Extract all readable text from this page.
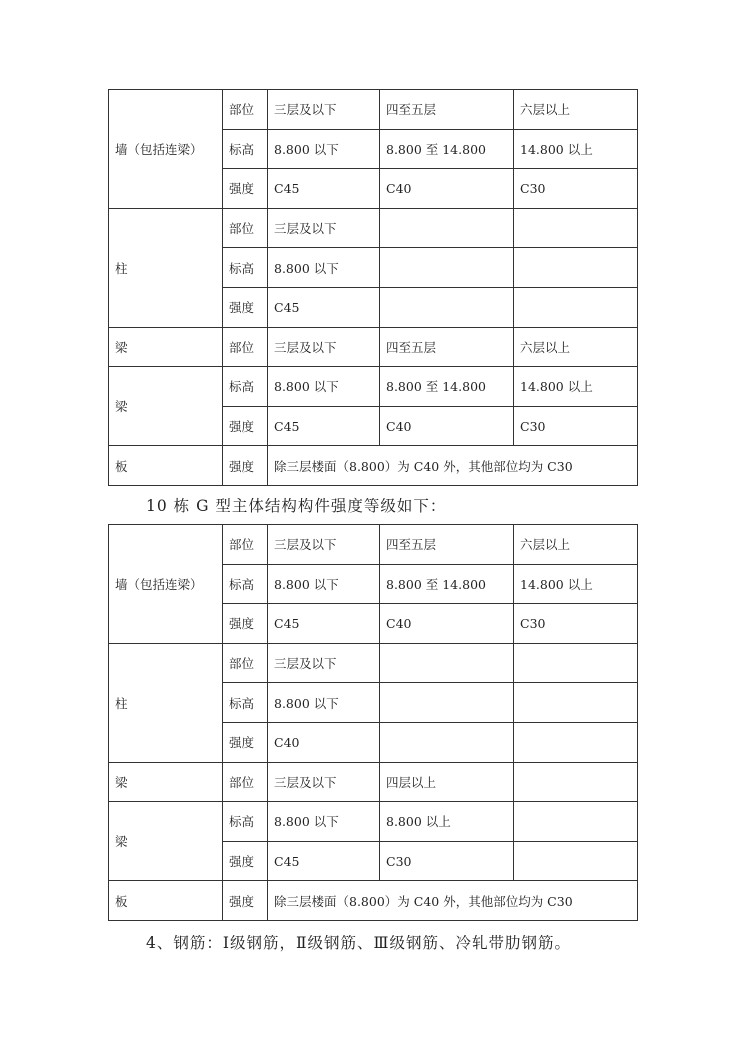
墙（包括连梁）	部位	三层及以下	四至五层	六层以上
	标高	8.800 以下	8.800 至 14.800	14.800 以上
	强度	C45	C40	C30
柱	部位	三层及以下		
	标高	8.800 以下		
	强度	C45		
梁	部位	三层及以下	四至五层	六层以上
梁	标高	8.800 以下	8.800 至 14.800	14.800 以上
	强度	C45	C40	C30
板	强度	除三层楼面（8.800）为 C40 外，其他部位均为 C30		
10 栋 G 型主体结构构件强度等级如下：
墙（包括连梁）	部位	三层及以下	四至五层	六层以上
	标高	8.800 以下	8.800 至 14.800	14.800 以上
	强度	C45	C40	C30
柱	部位	三层及以下		
	标高	8.800 以下		
	强度	C40		
梁	部位	三层及以下	四层以上	
梁	标高	8.800 以下	8.800 以上	
	强度	C45	C30	
板	强度	除三层楼面（8.800）为 C40 外，其他部位均为 C30		
4、钢筋：Ⅰ级钢筋，Ⅱ级钢筋、Ⅲ级钢筋、冷轧带肋钢筋。
